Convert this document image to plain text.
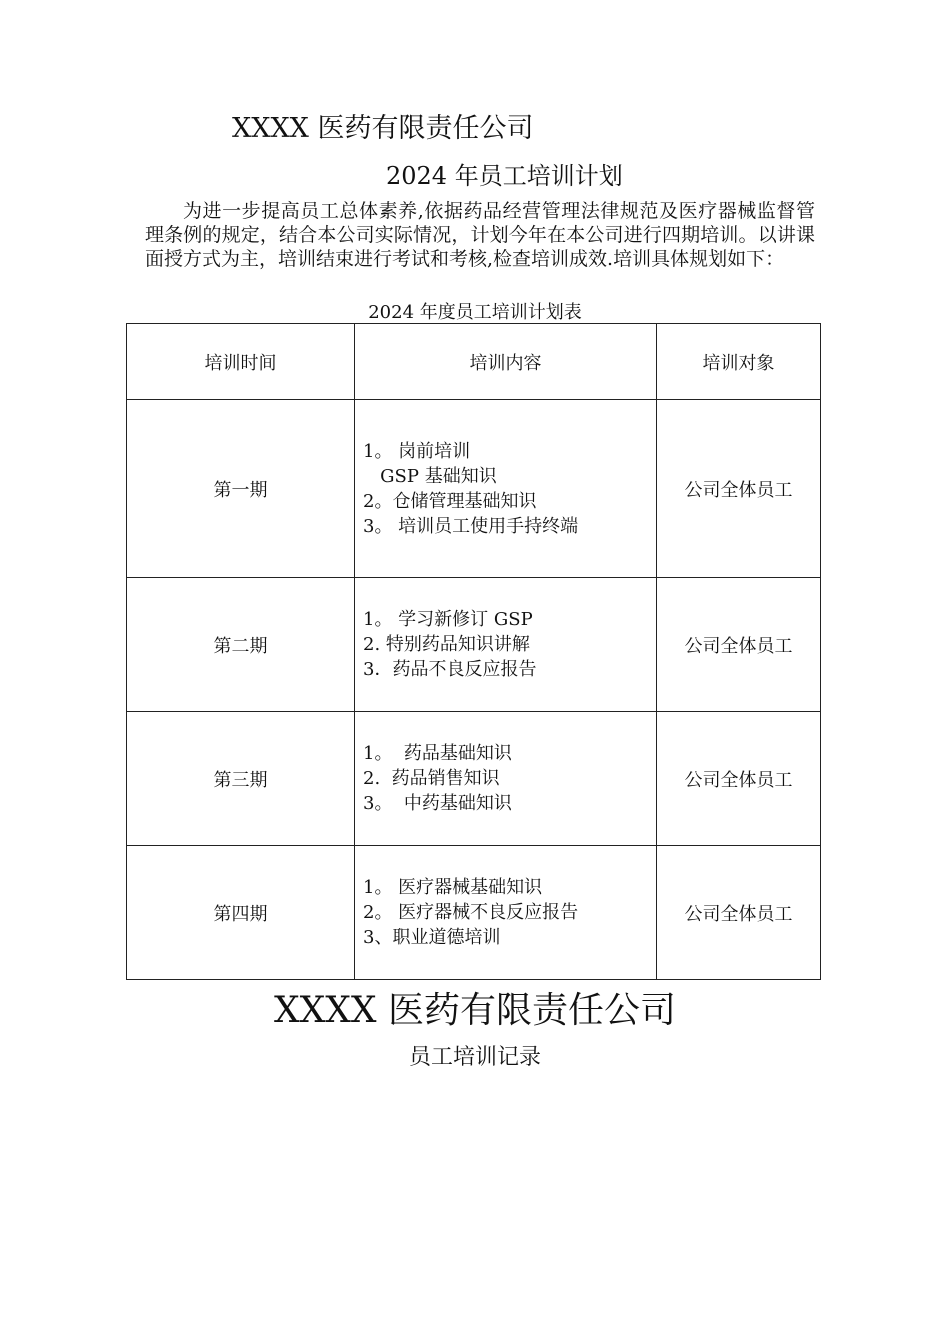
XXXX 医药有限责任公司
2024 年员工培训计划
为进一步提高员工总体素养,依据药品经营管理法律规范及医疗器械监督管理条例的规定，结合本公司实际情况，计划今年在本公司进行四期培训。以讲课面授方式为主，培训结束进行考试和考核,检查培训成效.培训具体规划如下：
2024 年度员工培训计划表
培训时间	培训内容	培训对象
第一期	1。 岗前培训
GSP 基础知识
2。仓储管理基础知识
3。 培训员工使用手持终端	公司全体员工
第二期	1。 学习新修订 GSP
2. 特别药品知识讲解
3．药品不良反应报告	公司全体员工
第三期	1。  药品基础知识
2.  药品销售知识
3。  中药基础知识	公司全体员工
第四期	1。 医疗器械基础知识
2。 医疗器械不良反应报告
3、职业道德培训	公司全体员工
XXXX 医药有限责任公司
员工培训记录
